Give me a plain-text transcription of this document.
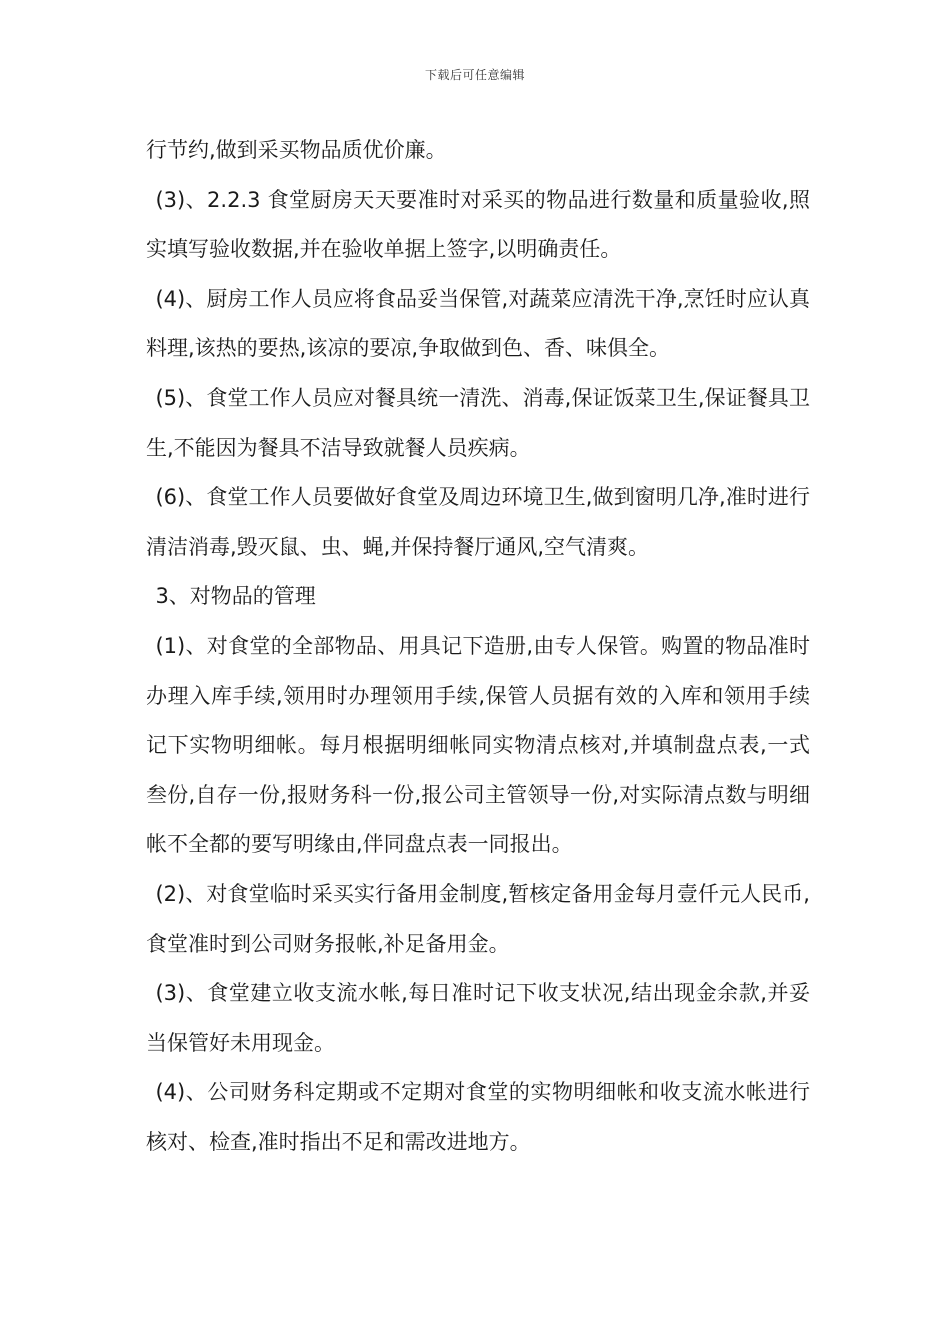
下载后可任意编辑

行节约,做到采买物品质优价廉。

(3)、2.2.3 食堂厨房天天要准时对采买的物品进行数量和质量验收,照实填写验收数据,并在验收单据上签字,以明确责任。

(4)、厨房工作人员应将食品妥当保管,对蔬菜应清洗干净,烹饪时应认真料理,该热的要热,该凉的要凉,争取做到色、香、味俱全。

(5)、食堂工作人员应对餐具统一清洗、消毒,保证饭菜卫生,保证餐具卫生,不能因为餐具不洁导致就餐人员疾病。

(6)、食堂工作人员要做好食堂及周边环境卫生,做到窗明几净,准时进行清洁消毒,毁灭鼠、虫、蝇,并保持餐厅通风,空气清爽。

3、对物品的管理

(1)、对食堂的全部物品、用具记下造册,由专人保管。购置的物品准时办理入库手续,领用时办理领用手续,保管人员据有效的入库和领用手续记下实物明细帐。每月根据明细帐同实物清点核对,并填制盘点表,一式叁份,自存一份,报财务科一份,报公司主管领导一份,对实际清点数与明细帐不全都的要写明缘由,伴同盘点表一同报出。

(2)、对食堂临时采买实行备用金制度,暂核定备用金每月壹仟元人民币,食堂准时到公司财务报帐,补足备用金。

(3)、食堂建立收支流水帐,每日准时记下收支状况,结出现金余款,并妥当保管好未用现金。

(4)、公司财务科定期或不定期对食堂的实物明细帐和收支流水帐进行核对、检查,准时指出不足和需改进地方。
